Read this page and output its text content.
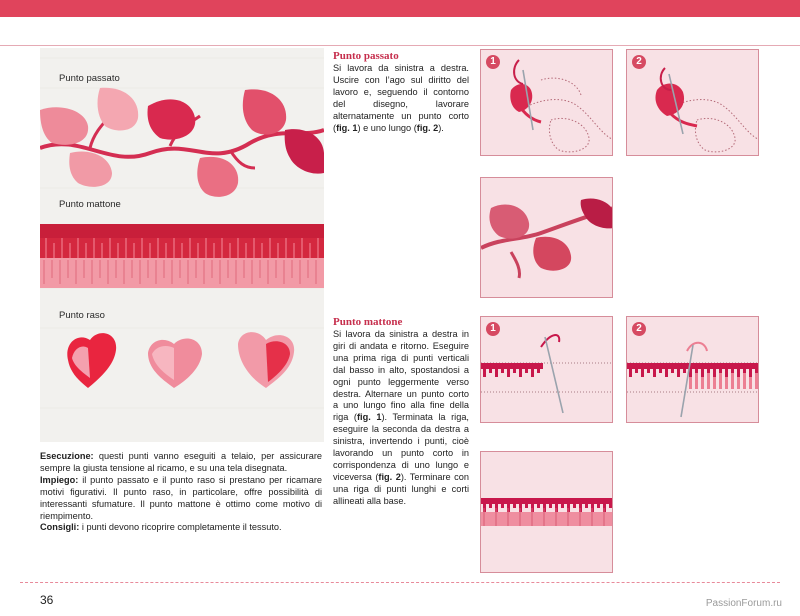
Punto passato
Punto mattone
Punto raso

Esecuzione: questi punti vanno eseguiti a telaio, per assicurare sempre la giusta tensione al ricamo, e su una tela disegnata.

Impiego: il punto passato e il punto raso si prestano per ricamare motivi figurativi. Il punto raso, in particolare, offre possibilità di interessanti sfumature. Il punto mattone è ottimo come motivo di riempimento.

Consigli: i punti devono ricoprire completamente il tessuto.

Punto passato

Si lavora da sinistra a destra. Uscire con l’ago sul diritto del lavoro e, seguendo il contorno del disegno, lavorare alternatamente un punto corto (fig. 1) e uno lungo (fig. 2).

Punto mattone

Si lavora da sinistra a destra in giri di andata e ritorno. Eseguire una prima riga di punti verticali dal basso in alto, spostandosi a ogni punto leggermente verso destra. Alternare un punto corto a uno lungo fino alla fine della riga (fig. 1). Terminata la riga, eseguire la seconda da destra a sinistra, invertendo i punti, cioè lavorando un punto corto in corrispondenza di uno lungo e viceversa (fig. 2). Terminare con una riga di punti lunghi e corti allineati alla base.

1	2
1	2
36	PassionForum.ru
